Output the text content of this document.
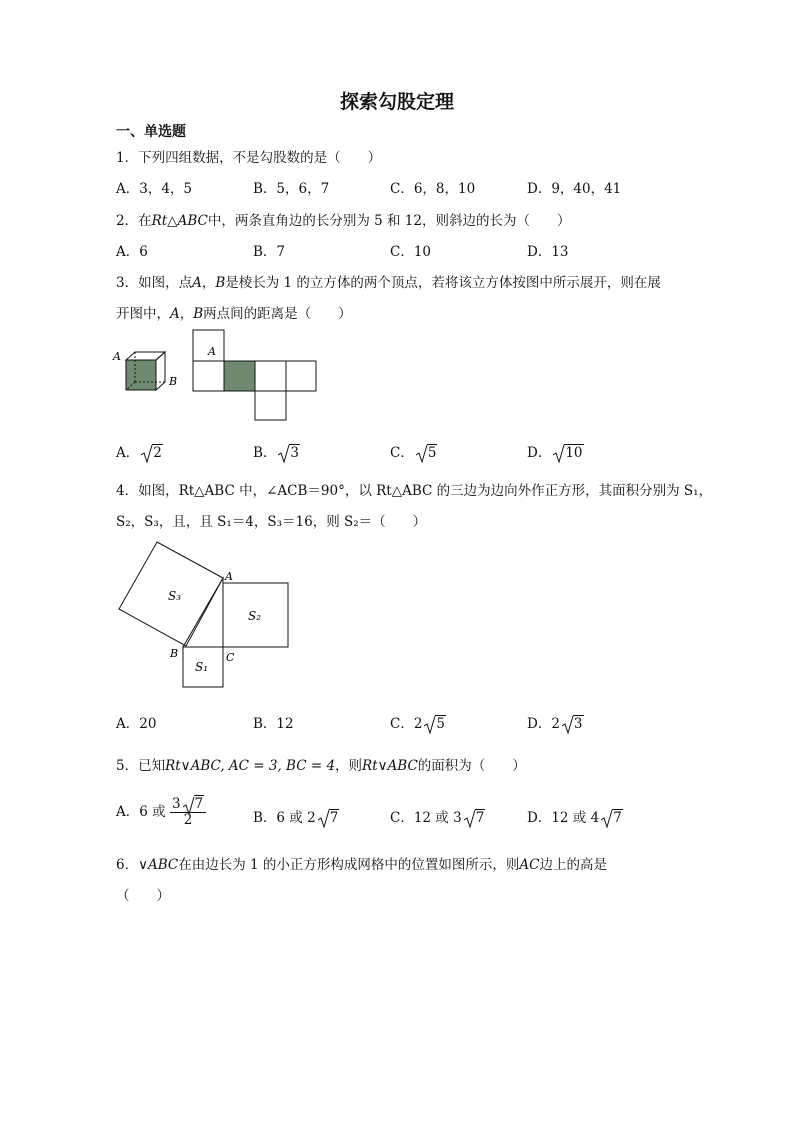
探索勾股定理
一、单选题
1．下列四组数据，不是勾股数的是（　　）
A．3，4，5	B．5，6，7	C．6，8，10	D．9，40，41
2．在Rt△ABC中，两条直角边的长分别为 5 和 12，则斜边的长为（　　）
A．6	B．7	C．10	D．13
3．如图，点A，B是棱长为 1 的立方体的两个顶点，若将该立方体按图中所示展开，则在展
开图中，A，B两点间的距离是（　　）
A
B
A
A． 2	B． 3	C． 5	D． 10
4．如图，Rt△ABC 中，∠ACB＝90°，以 Rt△ABC 的三边为边向外作正方形，其面积分别为 S₁，
S₂，S₃，且，且 S₁＝4，S₃＝16，则 S₂＝（　　）
S₃
S₂
S₁
A
B	C
A．20	B．12	C．2 5	D．2 3
5．已知Rt∨ABC, AC = 3, BC = 4，则Rt∨ABC的面积为（　　）
A．6 或 $\frac{3 7}{2}$	B．6 或 2 7	C．12 或 3 7	D．12 或 4 7
6．∨ABC在由边长为 1 的小正方形构成网格中的位置如图所示，则AC边上的高是
（　　）
